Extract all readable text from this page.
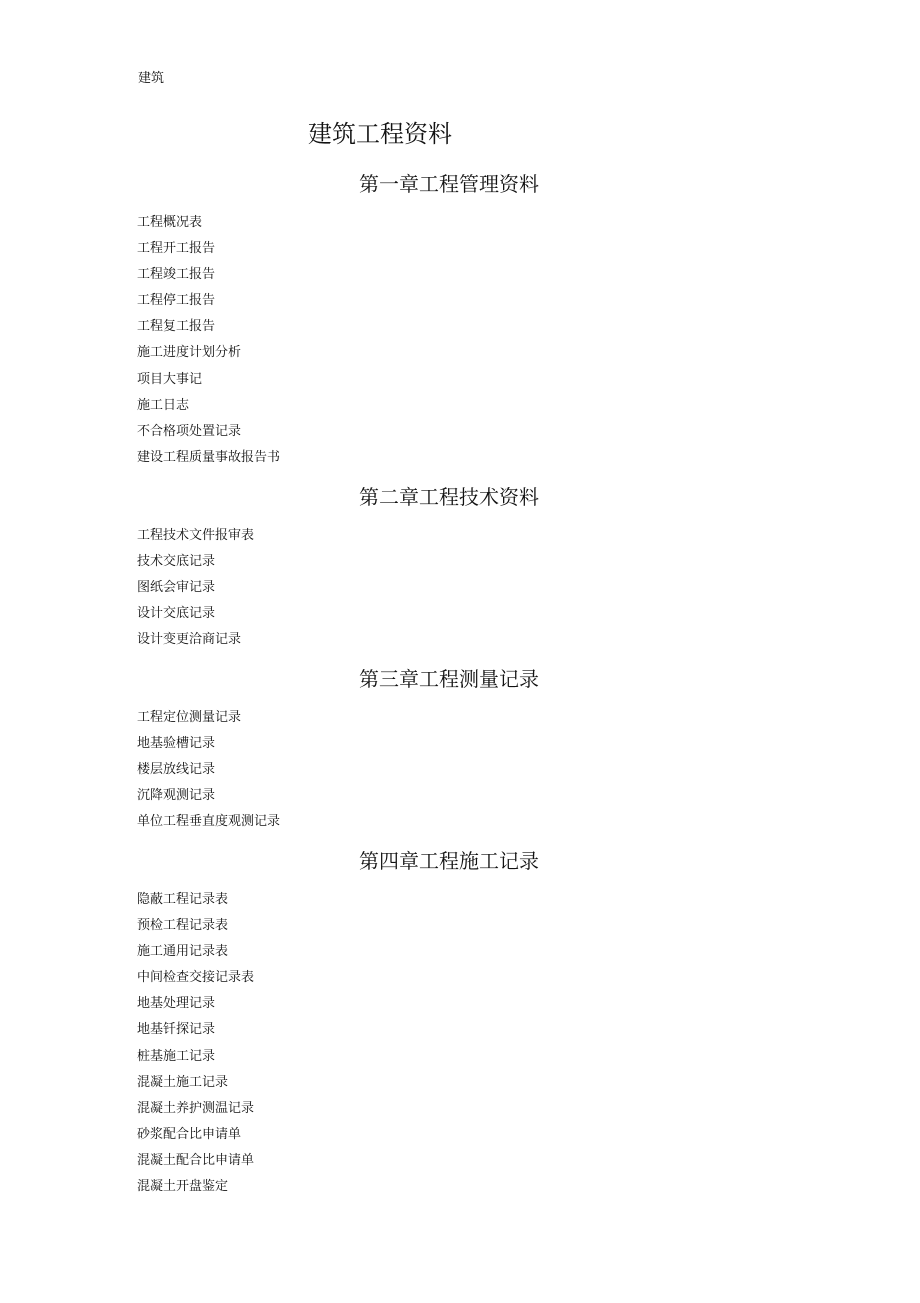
建筑
建筑工程资料
第一章工程管理资料
工程概况表
工程开工报告
工程竣工报告
工程停工报告
工程复工报告
施工进度计划分析
项目大事记
施工日志
不合格项处置记录
建设工程质量事故报告书
第二章工程技术资料
工程技术文件报审表
技术交底记录
图纸会审记录
设计交底记录
设计变更洽商记录
第三章工程测量记录
工程定位测量记录
地基验槽记录
楼层放线记录
沉降观测记录
单位工程垂直度观测记录
第四章工程施工记录
隐蔽工程记录表
预检工程记录表
施工通用记录表
中间检查交接记录表
地基处理记录
地基钎探记录
桩基施工记录
混凝土施工记录
混凝土养护测温记录
砂浆配合比申请单
混凝土配合比申请单
混凝土开盘鉴定
